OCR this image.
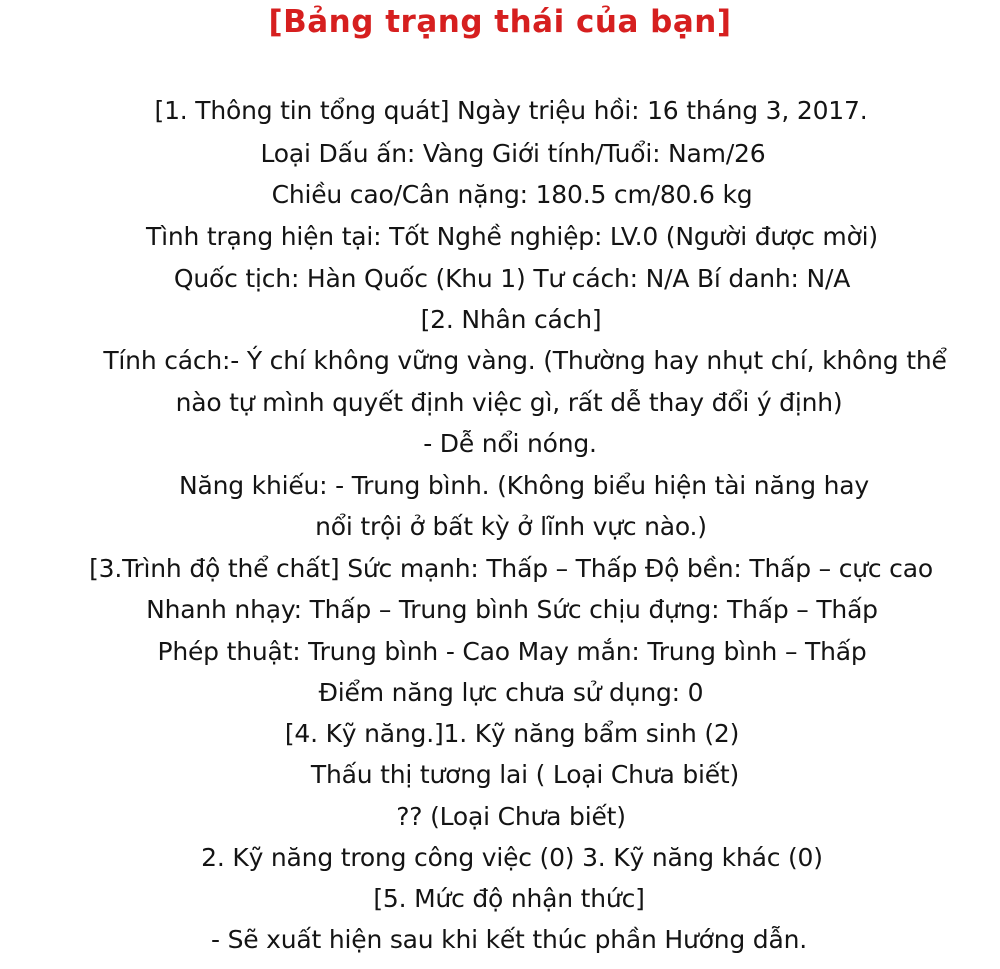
[Bảng trạng thái của bạn]
[1. Thông tin tổng quát] Ngày triệu hồi: 16 tháng 3, 2017.
Loại Dấu ấn: Vàng Giới tính/Tuổi: Nam/26
Chiều cao/Cân nặng: 180.5 cm/80.6 kg
Tình trạng hiện tại: Tốt Nghề nghiệp: LV.0 (Người được mời)
Quốc tịch: Hàn Quốc (Khu 1) Tư cách: N/A Bí danh: N/A
[2. Nhân cách]
Tính cách:- Ý chí không vững vàng. (Thường hay nhụt chí, không thể
nào tự mình quyết định việc gì, rất dễ thay đổi ý định)
- Dễ nổi nóng.
Năng khiếu: - Trung bình. (Không biểu hiện tài năng hay
nổi trội ở bất kỳ ở lĩnh vực nào.)
[3.Trình độ thể chất] Sức mạnh: Thấp – Thấp Độ bền: Thấp – cực cao
Nhanh nhạy: Thấp – Trung bình Sức chịu đựng: Thấp – Thấp
Phép thuật: Trung bình - Cao May mắn: Trung bình – Thấp
Điểm năng lực chưa sử dụng: 0
[4. Kỹ năng.]1. Kỹ năng bẩm sinh (2)
Thấu thị tương lai ( Loại Chưa biết)
?? (Loại Chưa biết)
2. Kỹ năng trong công việc (0) 3. Kỹ năng khác (0)
[5. Mức độ nhận thức]
- Sẽ xuất hiện sau khi kết thúc phần Hướng dẫn.
